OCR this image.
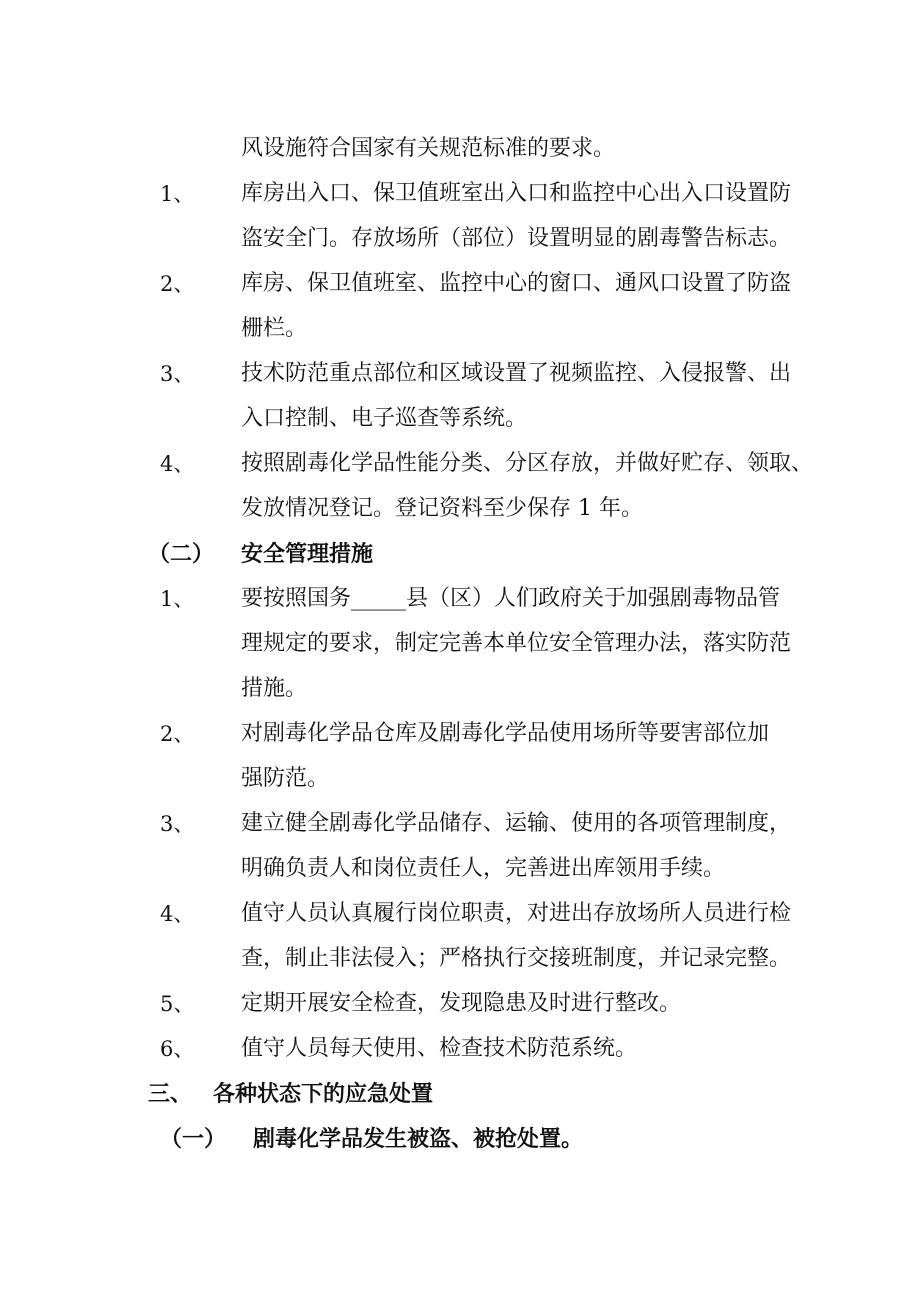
风设施符合国家有关规范标准的要求。
1、 库房出入口、保卫值班室出入口和监控中心出入口设置防
盗安全门。存放场所（部位）设置明显的剧毒警告标志。
2、 库房、保卫值班室、监控中心的窗口、通风口设置了防盗
栅栏。
3、 技术防范重点部位和区域设置了视频监控、入侵报警、出
入口控制、电子巡查等系统。
4、 按照剧毒化学品性能分类、分区存放，并做好贮存、领取、
发放情况登记。登记资料至少保存 1 年。
（二） 安全管理措施
1、 要按照国务_____县（区）人们政府关于加强剧毒物品管
理规定的要求，制定完善本单位安全管理办法，落实防范
措施。
2、 对剧毒化学品仓库及剧毒化学品使用场所等要害部位加
强防范。
3、 建立健全剧毒化学品储存、运输、使用的各项管理制度，
明确负责人和岗位责任人，完善进出库领用手续。
4、 值守人员认真履行岗位职责，对进出存放场所人员进行检
查，制止非法侵入；严格执行交接班制度，并记录完整。
5、 定期开展安全检查，发现隐患及时进行整改。
6、 值守人员每天使用、检查技术防范系统。
三、 各种状态下的应急处置
（一） 剧毒化学品发生被盗、被抢处置。
